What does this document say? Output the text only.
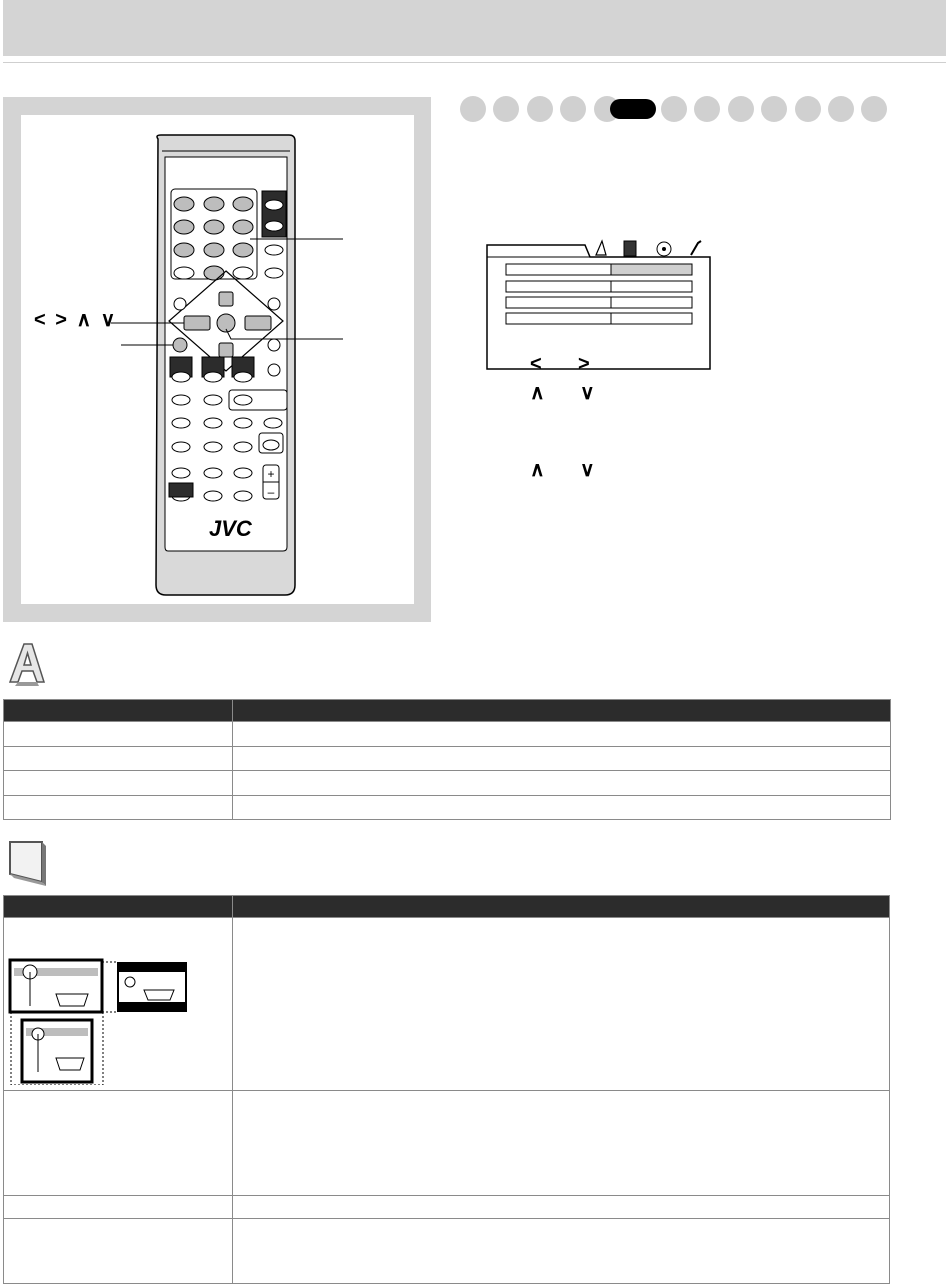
+
–
JVC
< > ∧ ∨
< >
∧ ∨
∧ ∨
